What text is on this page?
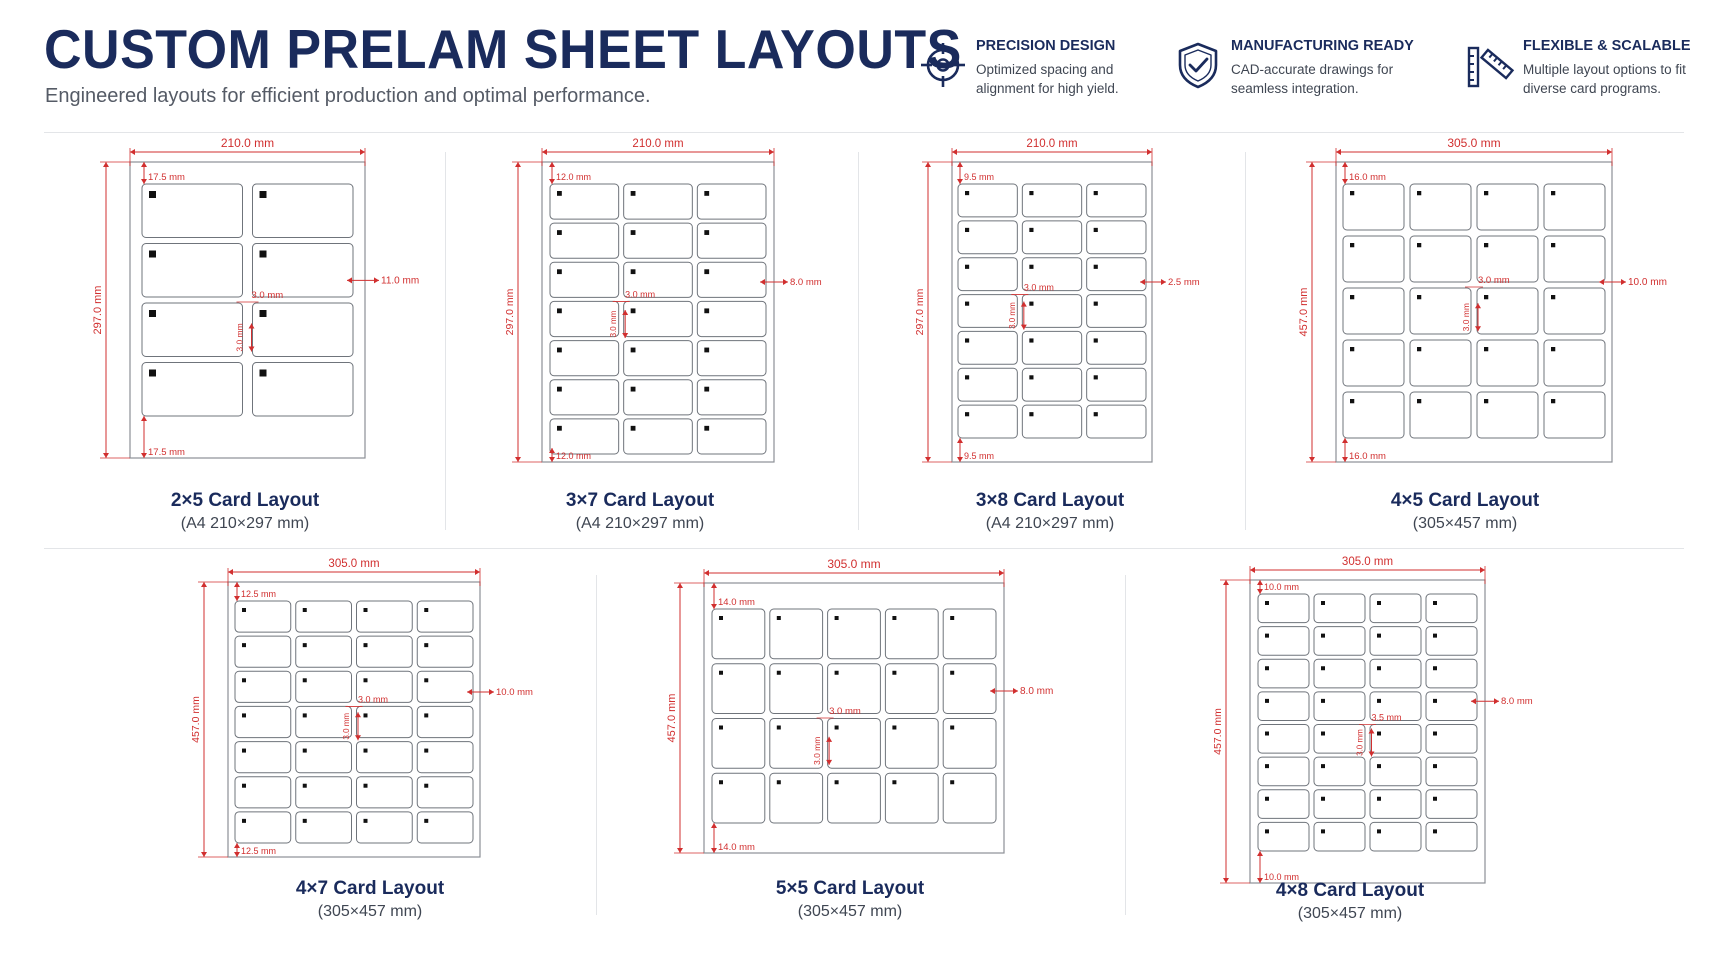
CUSTOM PRELAM SHEET LAYOUTS

Engineered layouts for efficient production and optimal performance.

PRECISION DESIGN
Optimized spacing and alignment for high yield.
MANUFACTURING READY
CAD-accurate drawings for seamless integration.
FLEXIBLE & SCALABLE
Multiple layout options to fit diverse card programs.
210.0 mm
297.0 mm
17.5 mm
17.5 mm
11.0 mm
3.0 mm
3.0 mm
2×5 Card Layout
(A4 210×297 mm)
210.0 mm
297.0 mm
12.0 mm
12.0 mm
8.0 mm
3.0 mm
3.0 mm
3×7 Card Layout
(A4 210×297 mm)
210.0 mm
297.0 mm
9.5 mm
9.5 mm
2.5 mm
3.0 mm
3.0 mm
3×8 Card Layout
(A4 210×297 mm)
305.0 mm
457.0 mm
16.0 mm
16.0 mm
10.0 mm
3.0 mm
3.0 mm
4×5 Card Layout
(305×457 mm)
305.0 mm
457.0 mm
12.5 mm
12.5 mm
10.0 mm
3.0 mm
3.0 mm
4×7 Card Layout
(305×457 mm)
305.0 mm
457.0 mm
14.0 mm
14.0 mm
8.0 mm
3.0 mm
3.0 mm
5×5 Card Layout
(305×457 mm)
305.0 mm
457.0 mm
10.0 mm
10.0 mm
8.0 mm
3.5 mm
3.0 mm
4×8 Card Layout
(305×457 mm)
